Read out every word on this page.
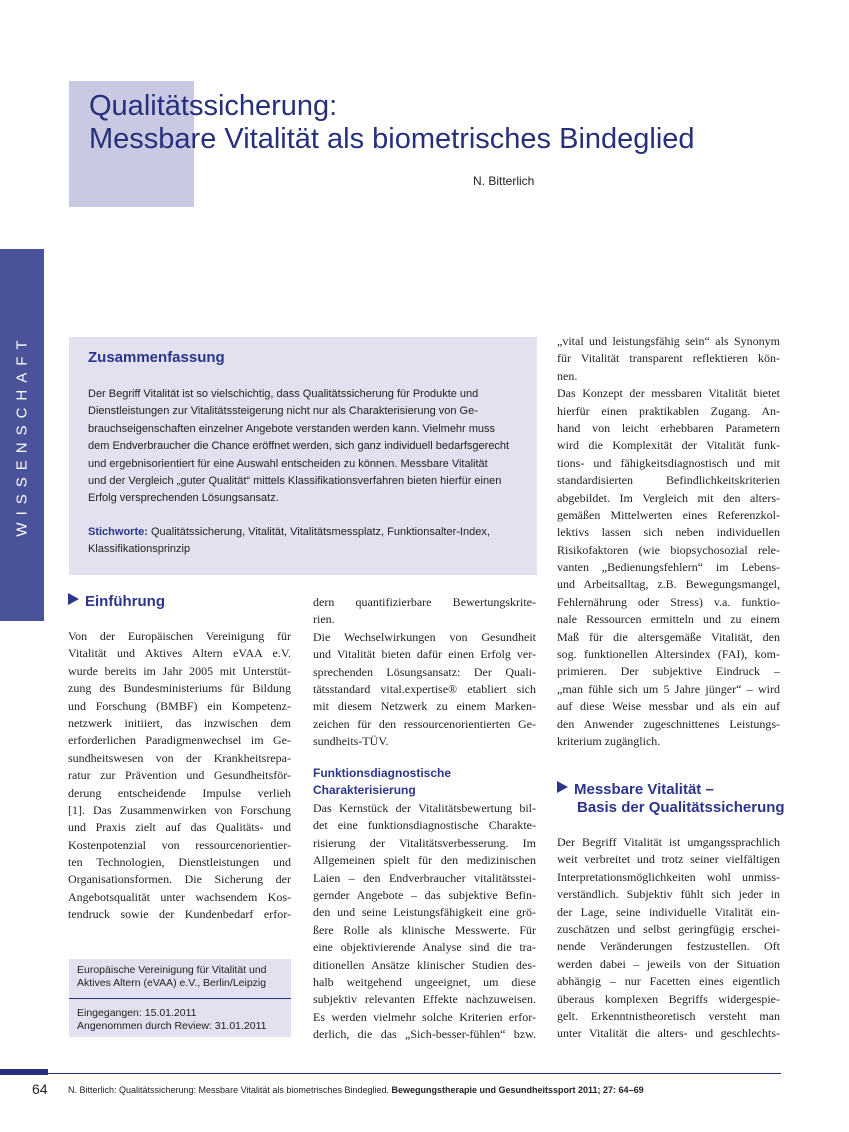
Qualitätssicherung:
Messbare Vitalität als biometrisches Bindeglied
N. Bitterlich
WISSENSCHAFT	Zusammenfassung
Der Begriff Vitalität ist so vielschichtig, dass Qualitätssicherung für Produkte und
Dienstleistungen zur Vitalitätssteigerung nicht nur als Charakterisierung von Ge-
brauchseigenschaften einzelner Angebote verstanden werden kann. Vielmehr muss
dem Endverbraucher die Chance eröffnet werden, sich ganz individuell bedarfsgerecht
und ergebnisorientiert für eine Auswahl entscheiden zu können. Messbare Vitalität
und der Vergleich „guter Qualität“ mittels Klassifikationsverfahren bieten hierfür einen
Erfolg versprechenden Lösungsansatz.
Stichworte: Qualitätssicherung, Vitalität, Vitalitätsmessplatz, Funktionsalter-Index,
Klassifikationsprinzip
Einführung
Von der Europäischen Vereinigung für
Vitalität und Aktives Altern eVAA e.V.
wurde bereits im Jahr 2005 mit Unterstüt-
zung des Bundesministeriums für Bildung
und Forschung (BMBF) ein Kompetenz-
netzwerk initiiert, das inzwischen dem
erforderlichen Paradigmenwechsel im Ge-
sundheitswesen von der Krankheitsrepa-
ratur zur Prävention und Gesundheitsför-
derung entscheidende Impulse verlieh
[1]. Das Zusammenwirken von Forschung
und Praxis zielt auf das Qualitäts- und
Kostenpotenzial von ressourcenorientier-
ten Technologien, Dienstleistungen und
Organisationsformen. Die Sicherung der
Angebotsqualität unter wachsendem Kos-
tendruck sowie der Kundenbedarf erfor-
dern quantifizierbare Bewertungskrite-
rien.
Die Wechselwirkungen von Gesundheit
und Vitalität bieten dafür einen Erfolg ver-
sprechenden Lösungsansatz: Der Quali-
tätsstandard vital.expertise® etabliert sich
mit diesem Netzwerk zu einem Marken-
zeichen für den ressourcenorientierten Ge-
sundheits-TÜV.
Funktionsdiagnostische
Charakterisierung
Das Kernstück der Vitalitätsbewertung bil-
det eine funktionsdiagnostische Charakte-
risierung der Vitalitätsverbesserung. Im
Allgemeinen spielt für den medizinischen
Laien – den Endverbraucher vitalitätsstei-
gernder Angebote – das subjektive Befin-
den und seine Leistungsfähigkeit eine grö-
ßere Rolle als klinische Messwerte. Für
eine objektivierende Analyse sind die tra-
ditionellen Ansätze klinischer Studien des-
halb weitgehend ungeeignet, um diese
subjektiv relevanten Effekte nachzuweisen.
Es werden vielmehr solche Kriterien erfor-
derlich, die das „Sich-besser-fühlen“ bzw.
„vital und leistungsfähig sein“ als Synonym
für Vitalität transparent reflektieren kön-
nen.
Das Konzept der messbaren Vitalität bietet
hierfür einen praktikablen Zugang. An-
hand von leicht erhebbaren Parametern
wird die Komplexität der Vitalität funk-
tions- und fähigkeitsdiagnostisch und mit
standardisierten Befindlichkeitskriterien
abgebildet. Im Vergleich mit den alters-
gemäßen Mittelwerten eines Referenzkol-
lektivs lassen sich neben individuellen
Risikofaktoren (wie biopsychosozial rele-
vanten „Bedienungsfehlern“ im Lebens-
und Arbeitsalltag, z.B. Bewegungsmangel,
Fehlernährung oder Stress) v.a. funktio-
nale Ressourcen ermitteln und zu einem
Maß für die altersgemäße Vitalität, den
sog. funktionellen Altersindex (FAI), kom-
primieren. Der subjektive Eindruck –
„man fühle sich um 5 Jahre jünger“ – wird
auf diese Weise messbar und als ein auf
den Anwender zugeschnittenes Leistungs-
kriterium zugänglich.
Messbare Vitalität –
Basis der Qualitätssicherung
Der Begriff Vitalität ist umgangssprachlich
weit verbreitet und trotz seiner vielfältigen
Interpretationsmöglichkeiten wohl unmiss-
verständlich. Subjektiv fühlt sich jeder in
der Lage, seine individuelle Vitalität ein-
zuschätzen und selbst geringfügig erschei-
nende Veränderungen festzustellen. Oft
werden dabei – jeweils von der Situation
abhängig – nur Facetten eines eigentlich
überaus komplexen Begriffs widergespie-
gelt. Erkenntnistheoretisch versteht man
unter Vitalität die alters- und geschlechts-
Europäische Vereinigung für Vitalität und
Aktives Altern (eVAA) e.V., Berlin/Leipzig
Eingegangen: 15.01.2011
Angenommen durch Review: 31.01.2011
64 N. Bitterlich: Qualitätssicherung: Messbare Vitalität als biometrisches Bindeglied. Bewegungstherapie und Gesundheitssport 2011; 27: 64–69
